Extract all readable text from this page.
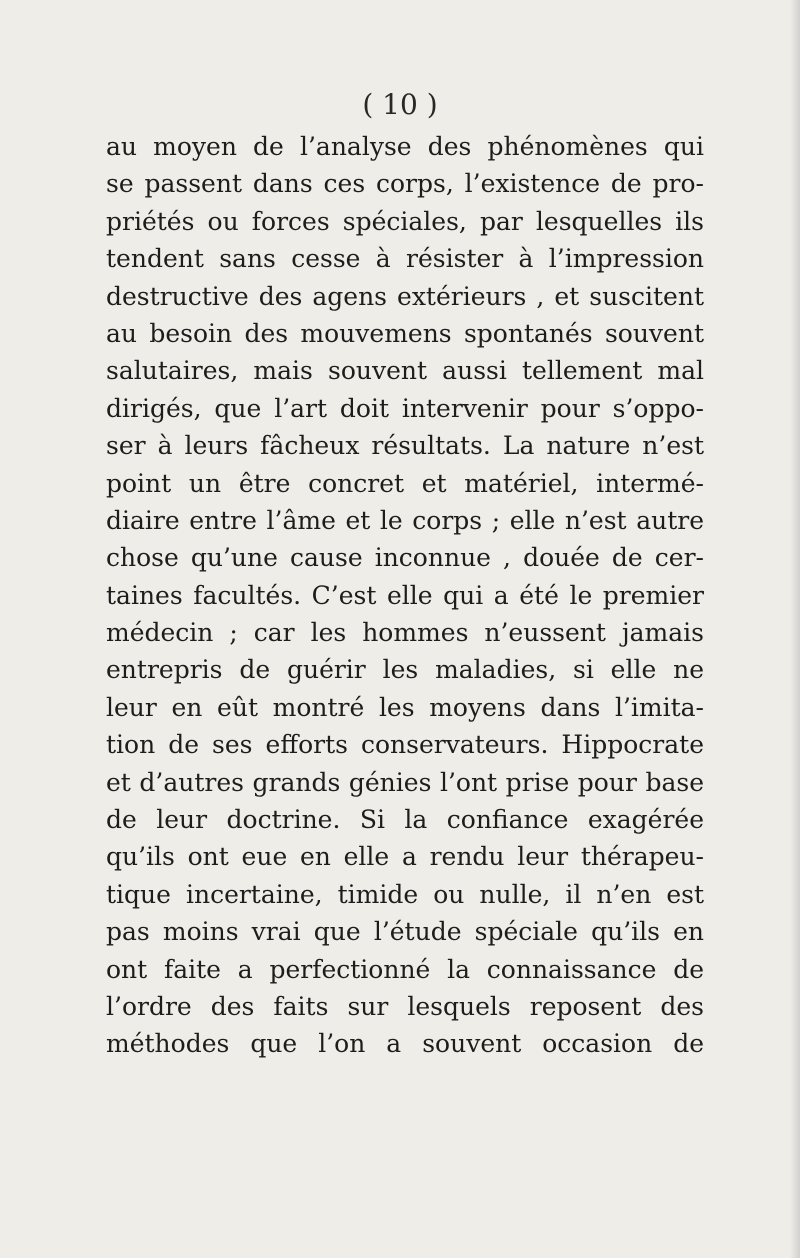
( 10 )
au moyen de l’analyse des phénomènes qui
se passent dans ces corps, l’existence de pro-
priétés ou forces spéciales, par lesquelles ils
tendent sans cesse à résister à l’impression
destructive des agens extérieurs , et suscitent
au besoin des mouvemens spontanés souvent
salutaires, mais souvent aussi tellement mal
dirigés, que l’art doit intervenir pour s’oppo-
ser à leurs fâcheux résultats. La nature n’est
point un être concret et matériel, intermé-
diaire entre l’âme et le corps ; elle n’est autre
chose qu’une cause inconnue , douée de cer-
taines facultés. C’est elle qui a été le premier
médecin ; car les hommes n’eussent jamais
entrepris de guérir les maladies, si elle ne
leur en eût montré les moyens dans l’imita-
tion de ses efforts conservateurs. Hippocrate
et d’autres grands génies l’ont prise pour base
de leur doctrine. Si la confiance exagérée
qu’ils ont eue en elle a rendu leur thérapeu-
tique incertaine, timide ou nulle, il n’en est
pas moins vrai que l’étude spéciale qu’ils en
ont faite a perfectionné la connaissance de
l’ordre des faits sur lesquels reposent des
méthodes que l’on a souvent occasion de
